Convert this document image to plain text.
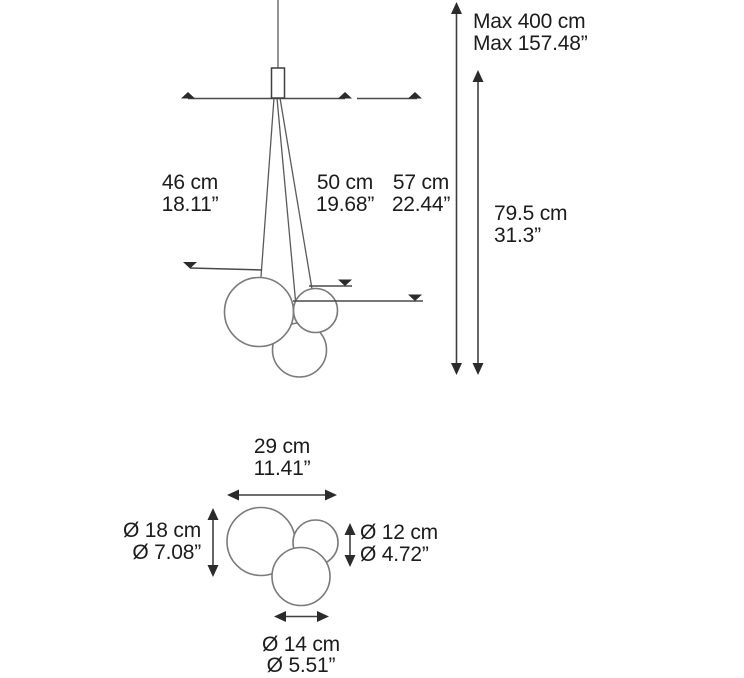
Max 400 cm
Max 157.48”
46 cm
18.11”
50 cm
19.68”
57 cm
22.44” 79.5 cm
31.3”
29 cm
11.41”
Ø 18 cm
Ø 7.08”
Ø 12 cm
Ø 4.72”
Ø 14 cm
Ø 5.51”
